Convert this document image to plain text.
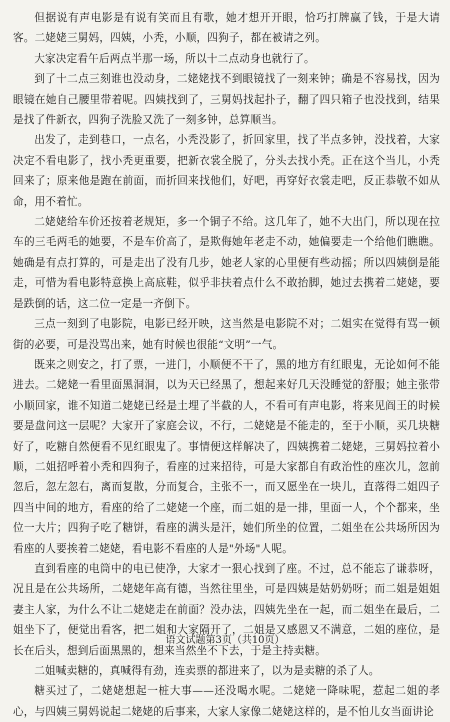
但据说有声电影是有说有笑而且有歌，她才想开开眼，恰巧打牌赢了钱，于是大请客。二姥姥三舅妈，四姨，小秃，小顺，四狗子，都在被请之列。

大家决定看午后两点半那一场，所以十二点动身也就行了。

到了十二点三刻谁也没动身，二姥姥找不到眼镜找了一刻来钟；确是不容易找，因为眼镜在她自己腰里带着呢。四姨找到了，三舅妈找起扑子，翻了四只箱子也没找到，结果是找了件新衣，四狗子洗脸又洗了一刻多钟，总算顺当。

出发了，走到巷口，一点名，小秃没影了，折回家里，找了半点多钟，没找着，大家决定不看电影了，找小秃更重要，把新衣裳全脱了，分头去找小秃。正在这个当儿，小秃回来了；原来他是跑在前面，而折回来找他们，好吧，再穿好衣裳走吧，反正恭敬不如从命，用不着忙。

二姥姥给车价还按着老规矩，多一个铜子不给。这几年了，她不大出门，所以现在拉车的三毛两毛的她要，不是车价高了，是欺侮她年老走不动，她偏要走一个给他们瞧瞧。她确是有点打算的，可是走出了没有几步，她老人家的心里便有些动摇；所以四姨倒是能走，可惜为看电影特意换上高底鞋，似乎非扶着点什么不敢抬脚，她过去携着二姥姥，要是跌倒的话，这二位一定是一齐倒下。

三点一刻到了电影院，电影已经开映，这当然是电影院不对；二姐实在觉得有骂一顿街的必要，可是没骂出来，她有时候也很能“文明”一气。

既来之则安之，打了票，一进门，小顺便不干了，黑的地方有红眼鬼，无论如何不能进去。二姥姥一看里面黑洞洞，以为天已经黑了，想起来好几天没睡觉的舒服；她主张带小顺回家，谁不知道二姥姥已经是土埋了半截的人，不看可有声电影，将来见阎王的时候要是盘问这一层呢？大家开了家庭会议，不行，二姥姥是不能走的，至于小顺，买几块糖好了，吃糖自然便看不见红眼鬼了。事情便这样解决了，四姨携着二姥姥，三舅妈拉着小顺，二姐招呼着小秃和四狗子，看座的过来招待，可是大家都自有政治性的座次儿，忽前忽后，忽左忽右，离而复散，分而复合，主张不一，而又愿坐在一块儿，直落得二姐四子四当中间的地方，看座的给了二姥姥一个座，而二姐的是一排，里面一人，个个都来，坐位一大片；四狗子吃了糖饼，看座的满头是汗，她们所坐的位置，二姐坐在公共场所因为看座的人要挨着二姥姥，看电影不看座的人是"外场"人呢。

直到看座的电筒中的电已使净，大家才一狠心找到了座。不过，总不能忘了谦恭呀，况且是在公共场所，二姥姥年高有德，当然往里坐，可是四姨是姑奶奶呀；而二姐是姐姐妻主人家，为什么不让二姥姥走在前面？没办法，四姨先坐在一起，而二姐坐在最后，二姐坐下了，便觉出看客，把二姐和大家隔开了，二姐是又感恩又不满意，二姐的座位，是长在后头，想到后面黑黑的，想来当然坐不下去，于是主持卖糖。

二姐喊卖糖的，真喊得有劲，连卖票的都进来了，以为是卖糖的杀了人。

糖买过了，二姥姥想起一桩大事——还没喝水呢。二姥姥一降味呢，惹起二姐的孝心，与四姨三舅妈说起二姥姥的后事来，大家人家像二姥姥这样的，是不怕儿女当面讲论

语文试题第3页（共10页）
